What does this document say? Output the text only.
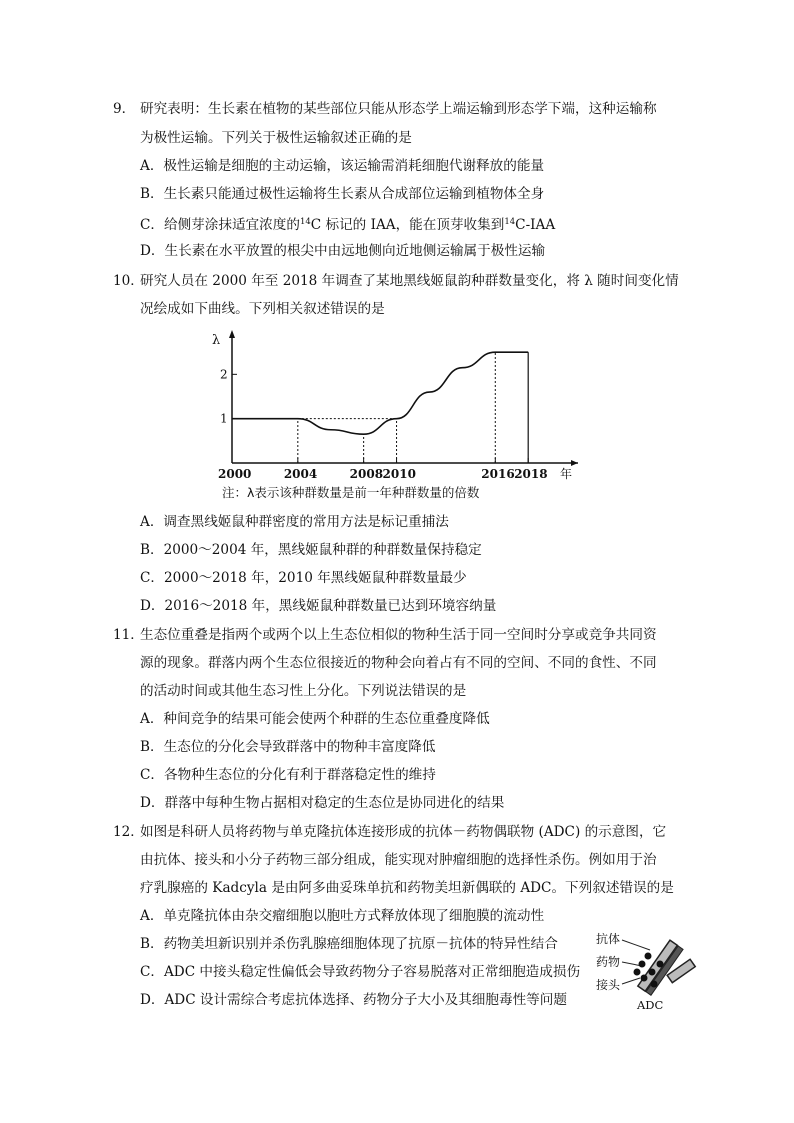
9． 研究表明：生长素在植物的某些部位只能从形态学上端运输到形态学下端，这种运输称
为极性运输。下列关于极性运输叙述正确的是
A．极性运输是细胞的主动运输，该运输需消耗细胞代谢释放的能量
B．生长素只能通过极性运输将生长素从合成部位运输到植物体全身
C．给侧芽涂抹适宜浓度的$^{14}$C 标记的 IAA，能在顶芽收集到$^{14}$C-IAA
D．生长素在水平放置的根尖中由远地侧向近地侧运输属于极性运输
10．
研究人员在 2000 年至 2018 年调查了某地黑线姬鼠韵种群数量变化，将 λ 随时间变化情
况绘成如下曲线。下列相关叙述错误的是
1
2
λ
2000	2004	2008 2010	2016 2018 年
注：λ表示该种群数量是前一年种群数量的倍数
A．调查黑线姬鼠种群密度的常用方法是标记重捕法
B．2000～2004 年，黑线姬鼠种群的种群数量保持稳定
C．2000～2018 年，2010 年黑线姬鼠种群数量最少
D．2016～2018 年，黑线姬鼠种群数量已达到环境容纳量
11．
生态位重叠是指两个或两个以上生态位相似的物种生活于同一空间时分享或竞争共同资
源的现象。群落内两个生态位很接近的物种会向着占有不同的空间、不同的食性、不同
的活动时间或其他生态习性上分化。下列说法错误的是
A．种间竞争的结果可能会使两个种群的生态位重叠度降低
B．生态位的分化会导致群落中的物种丰富度降低
C．各物种生态位的分化有利于群落稳定性的维持
D．群落中每种生物占据相对稳定的生态位是协同进化的结果
12．
如图是科研人员将药物与单克隆抗体连接形成的抗体－药物偶联物 (ADC) 的示意图，它
由抗体、接头和小分子药物三部分组成，能实现对肿瘤细胞的选择性杀伤。例如用于治
疗乳腺癌的 Kadcyla 是由阿多曲妥珠单抗和药物美坦新偶联的 ADC。下列叙述错误的是
A．单克隆抗体由杂交瘤细胞以胞吐方式释放体现了细胞膜的流动性
B．药物美坦新识别并杀伤乳腺癌细胞体现了抗原－抗体的特异性结合
C．ADC 中接头稳定性偏低会导致药物分子容易脱落对正常细胞造成损伤
D．ADC 设计需综合考虑抗体选择、药物分子大小及其细胞毒性等问题
抗体
药物
接头
ADC
